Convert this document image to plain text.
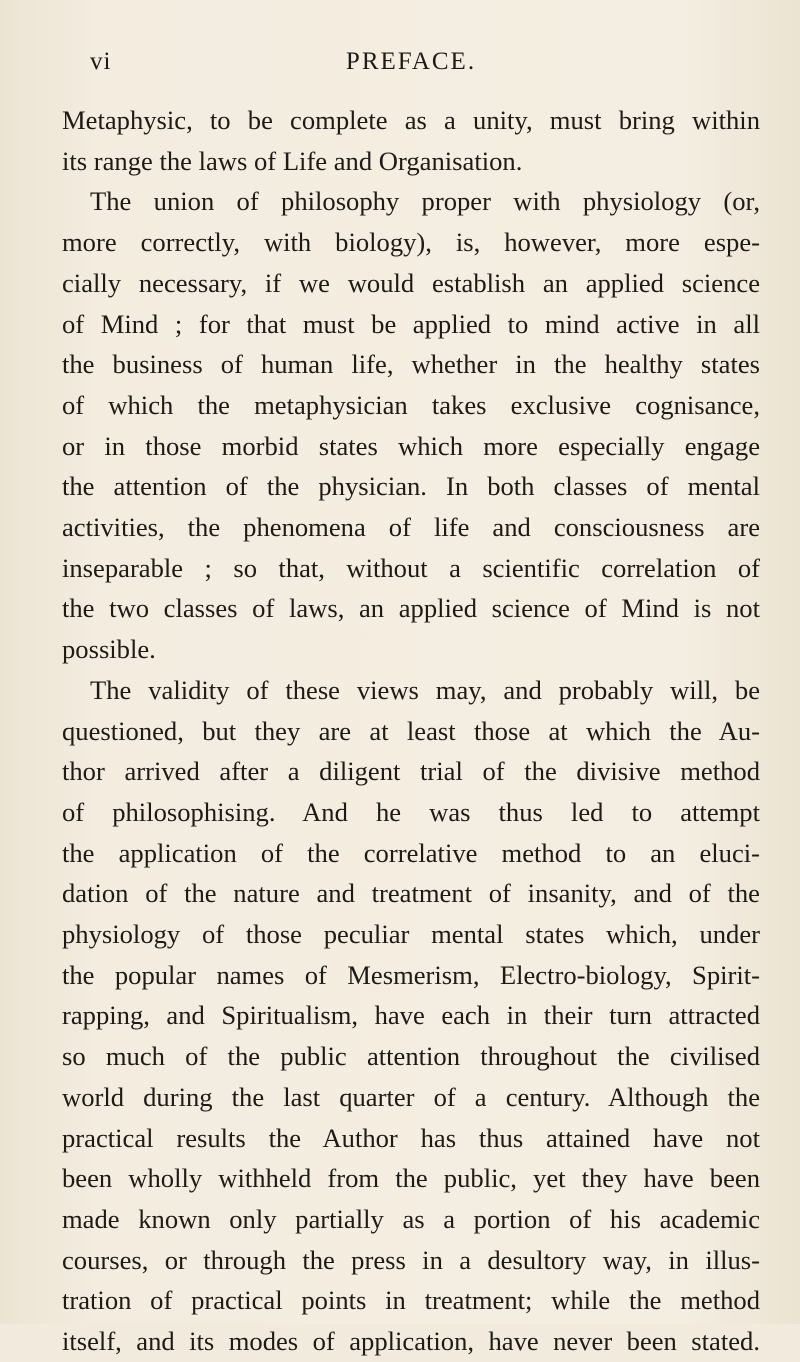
vi	PREFACE.
Metaphysic, to be complete as a unity, must bring within
its range the laws of Life and Organisation.
The union of philosophy proper with physiology (or,
more correctly, with biology), is, however, more espe-
cially necessary, if we would establish an applied science
of Mind ; for that must be applied to mind active in all
the business of human life, whether in the healthy states
of which the metaphysician takes exclusive cognisance,
or in those morbid states which more especially engage
the attention of the physician. In both classes of mental
activities, the phenomena of life and consciousness are
inseparable ; so that, without a scientific correlation of
the two classes of laws, an applied science of Mind is not
possible.
The validity of these views may, and probably will, be
questioned, but they are at least those at which the Au-
thor arrived after a diligent trial of the divisive method
of philosophising. And he was thus led to attempt
the application of the correlative method to an eluci-
dation of the nature and treatment of insanity, and of the
physiology of those peculiar mental states which, under
the popular names of Mesmerism, Electro-biology, Spirit-
rapping, and Spiritualism, have each in their turn attracted
so much of the public attention throughout the civilised
world during the last quarter of a century. Although the
practical results the Author has thus attained have not
been wholly withheld from the public, yet they have been
made known only partially as a portion of his academic
courses, or through the press in a desultory way, in illus-
tration of practical points in treatment; while the method
itself, and its modes of application, have never been stated.
